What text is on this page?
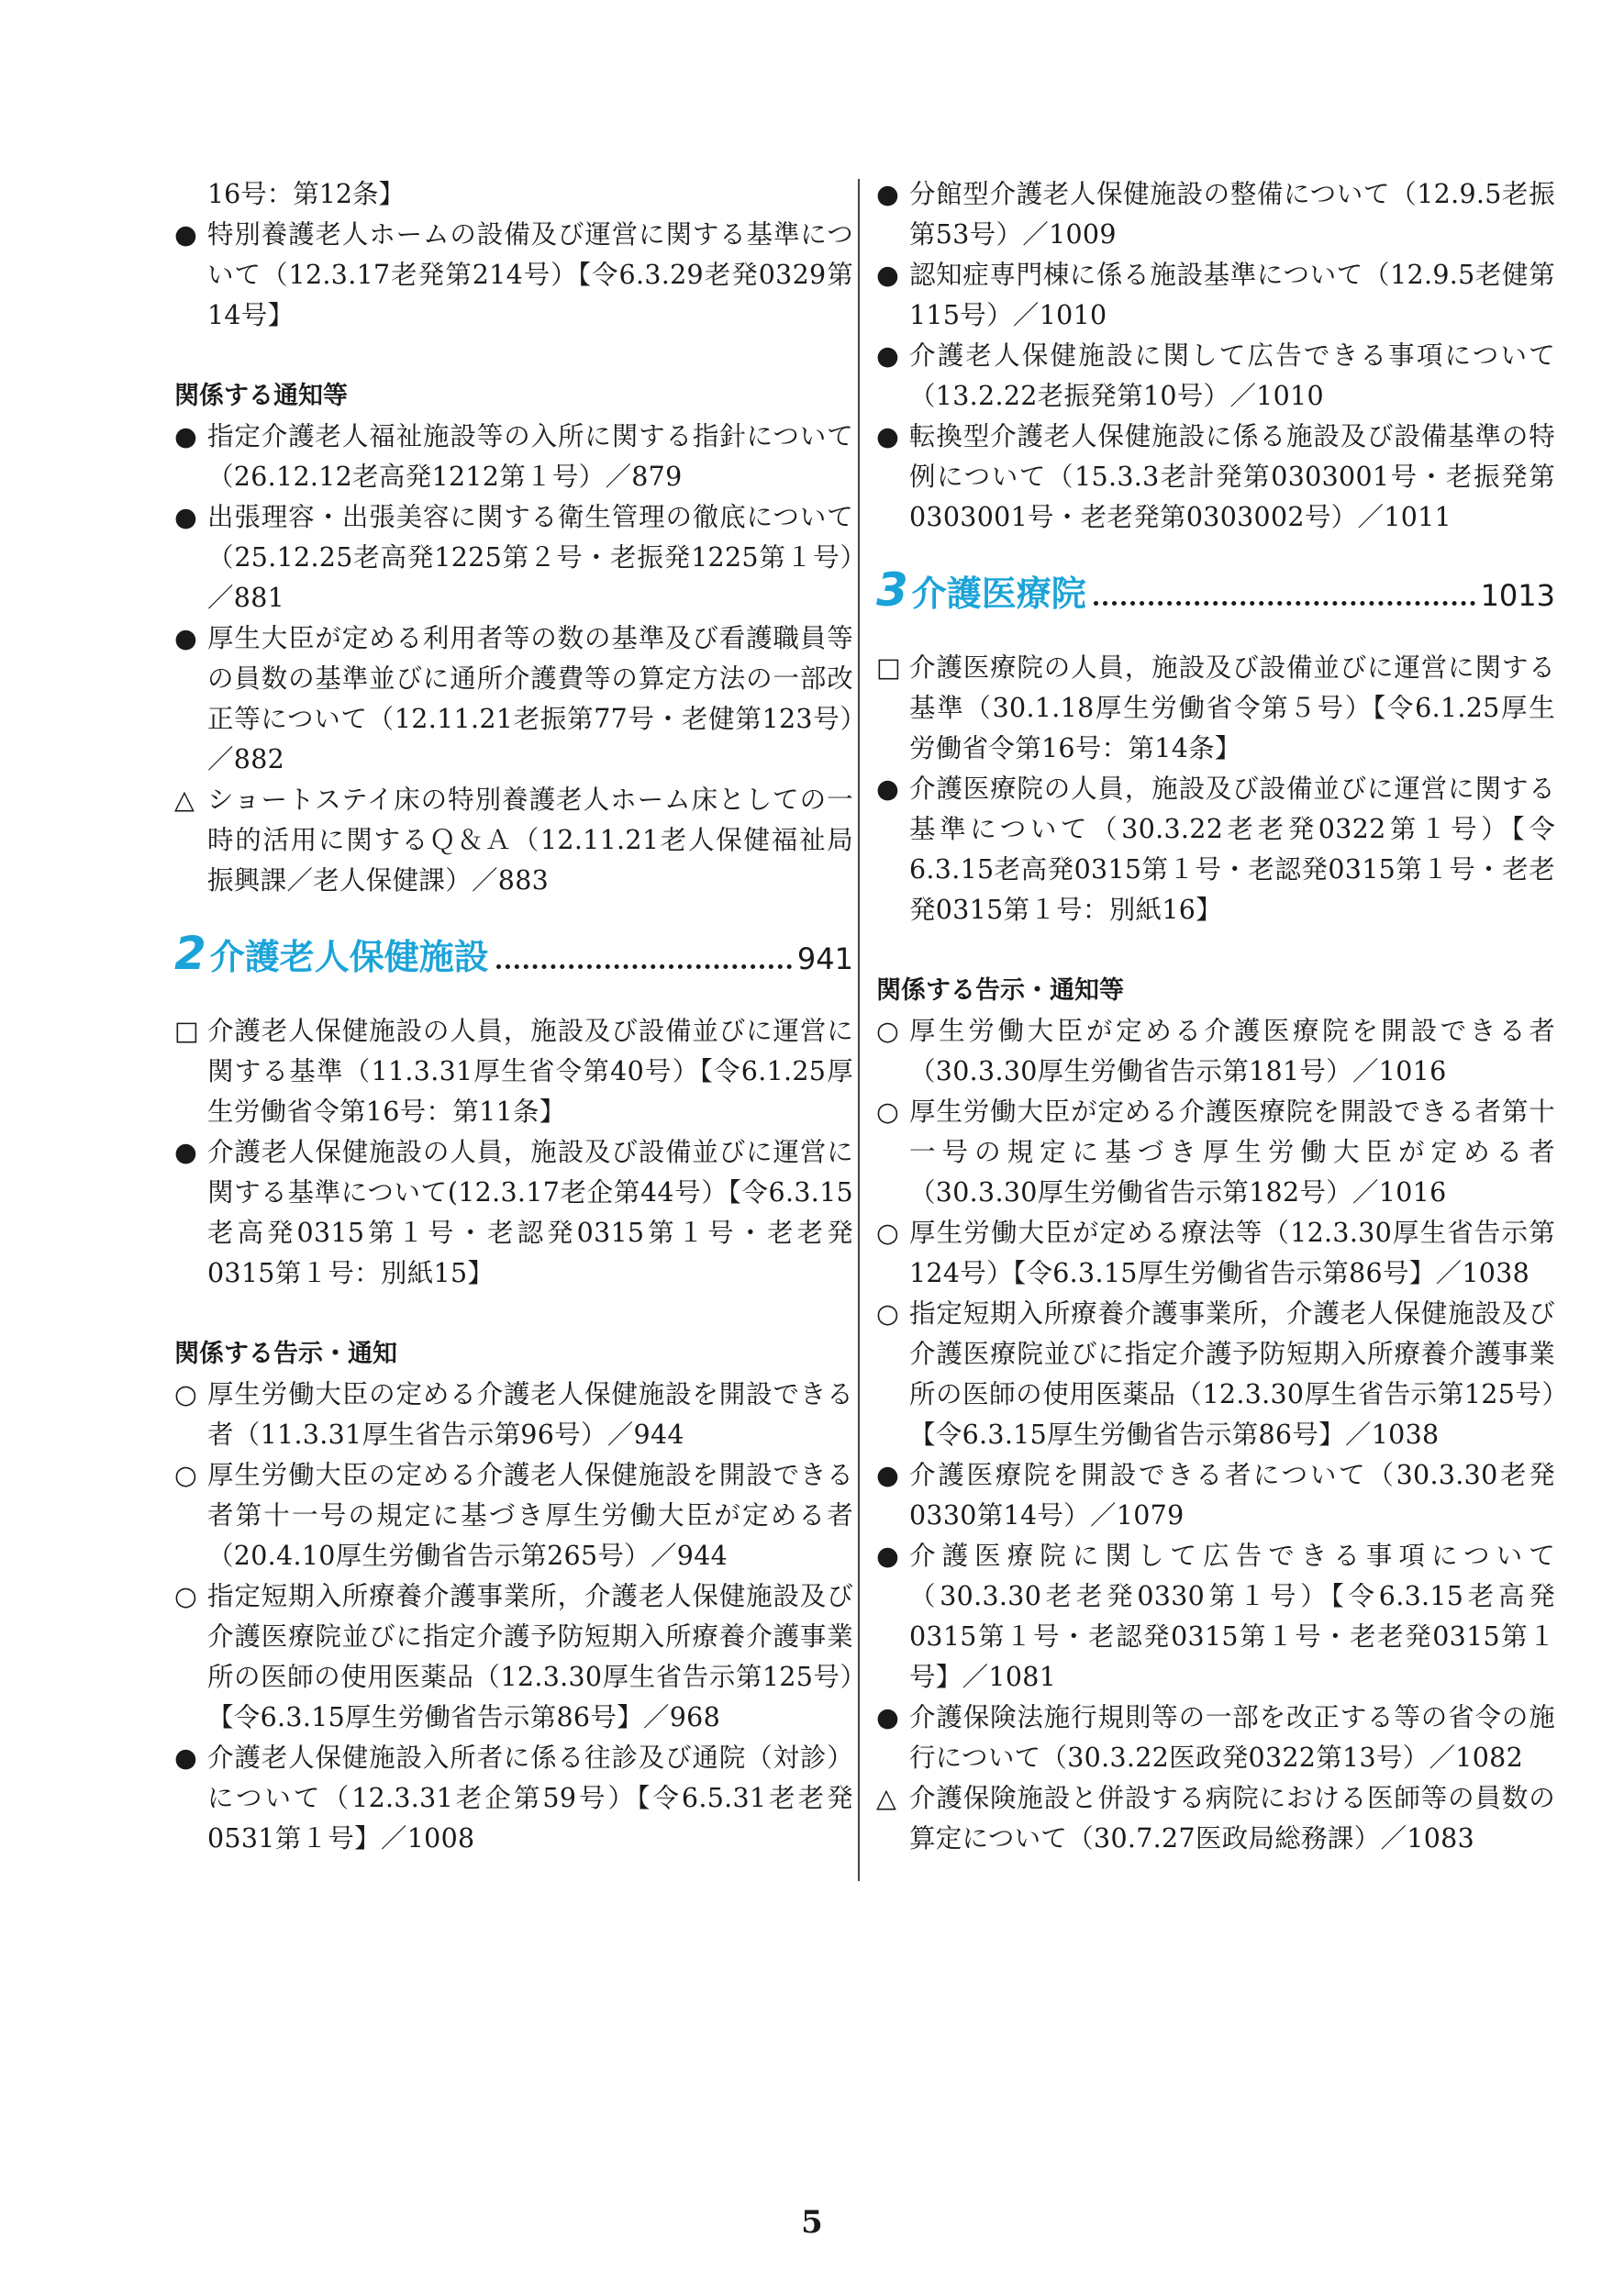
16号：第12条】
● 特別養護老人ホームの設備及び運営に関する基準について（12.3.17老発第214号）【令6.3.29老発0329第14号】
関係する通知等
● 指定介護老人福祉施設等の入所に関する指針について（26.12.12老高発1212第１号）／879
● 出張理容・出張美容に関する衛生管理の徹底について（25.12.25老高発1225第２号・老振発1225第１号）／881
● 厚生大臣が定める利用者等の数の基準及び看護職員等の員数の基準並びに通所介護費等の算定方法の一部改正等について（12.11.21老振第77号・老健第123号）／882
△ ショートステイ床の特別養護老人ホーム床としての一時的活用に関するＱ＆Ａ（12.11.21老人保健福祉局振興課／老人保健課）／883
2 介護老人保健施設	941
□ 介護老人保健施設の人員，施設及び設備並びに運営に関する基準（11.3.31厚生省令第40号）【令6.1.25厚生労働省令第16号：第11条】
● 介護老人保健施設の人員，施設及び設備並びに運営に関する基準について(12.3.17老企第44号）【令6.3.15老高発0315第１号・老認発0315第１号・老老発0315第１号：別紙15】
関係する告示・通知
○ 厚生労働大臣の定める介護老人保健施設を開設できる者（11.3.31厚生省告示第96号）／944
○ 厚生労働大臣の定める介護老人保健施設を開設できる者第十一号の規定に基づき厚生労働大臣が定める者（20.4.10厚生労働省告示第265号）／944
○ 指定短期入所療養介護事業所，介護老人保健施設及び介護医療院並びに指定介護予防短期入所療養介護事業所の医師の使用医薬品（12.3.30厚生省告示第125号）【令6.3.15厚生労働省告示第86号】／968
● 介護老人保健施設入所者に係る往診及び通院（対診）について（12.3.31老企第59号）【令6.5.31老老発0531第１号】／1008
● 分館型介護老人保健施設の整備について（12.9.5老振第53号）／1009
● 認知症専門棟に係る施設基準について（12.9.5老健第115号）／1010
● 介護老人保健施設に関して広告できる事項について（13.2.22老振発第10号）／1010
● 転換型介護老人保健施設に係る施設及び設備基準の特例について（15.3.3老計発第0303001号・老振発第0303001号・老老発第0303002号）／1011
3 介護医療院	1013
□ 介護医療院の人員，施設及び設備並びに運営に関する基準（30.1.18厚生労働省令第５号）【令6.1.25厚生労働省令第16号：第14条】
● 介護医療院の人員，施設及び設備並びに運営に関する基準について（30.3.22老老発0322第１号）【令6.3.15老高発0315第１号・老認発0315第１号・老老発0315第１号：別紙16】
関係する告示・通知等
○ 厚生労働大臣が定める介護医療院を開設できる者（30.3.30厚生労働省告示第181号）／1016
○ 厚生労働大臣が定める介護医療院を開設できる者第十一号の規定に基づき厚生労働大臣が定める者（30.3.30厚生労働省告示第182号）／1016
○ 厚生労働大臣が定める療法等（12.3.30厚生省告示第124号）【令6.3.15厚生労働省告示第86号】／1038
○ 指定短期入所療養介護事業所，介護老人保健施設及び介護医療院並びに指定介護予防短期入所療養介護事業所の医師の使用医薬品（12.3.30厚生省告示第125号）【令6.3.15厚生労働省告示第86号】／1038
● 介護医療院を開設できる者について（30.3.30老発0330第14号）／1079
● 介護医療院に関して広告できる事項について（30.3.30老老発0330第１号）【令6.3.15老高発0315第１号・老認発0315第１号・老老発0315第１号】／1081
● 介護保険法施行規則等の一部を改正する等の省令の施行について（30.3.22医政発0322第13号）／1082
△ 介護保険施設と併設する病院における医師等の員数の算定について（30.7.27医政局総務課）／1083
5
